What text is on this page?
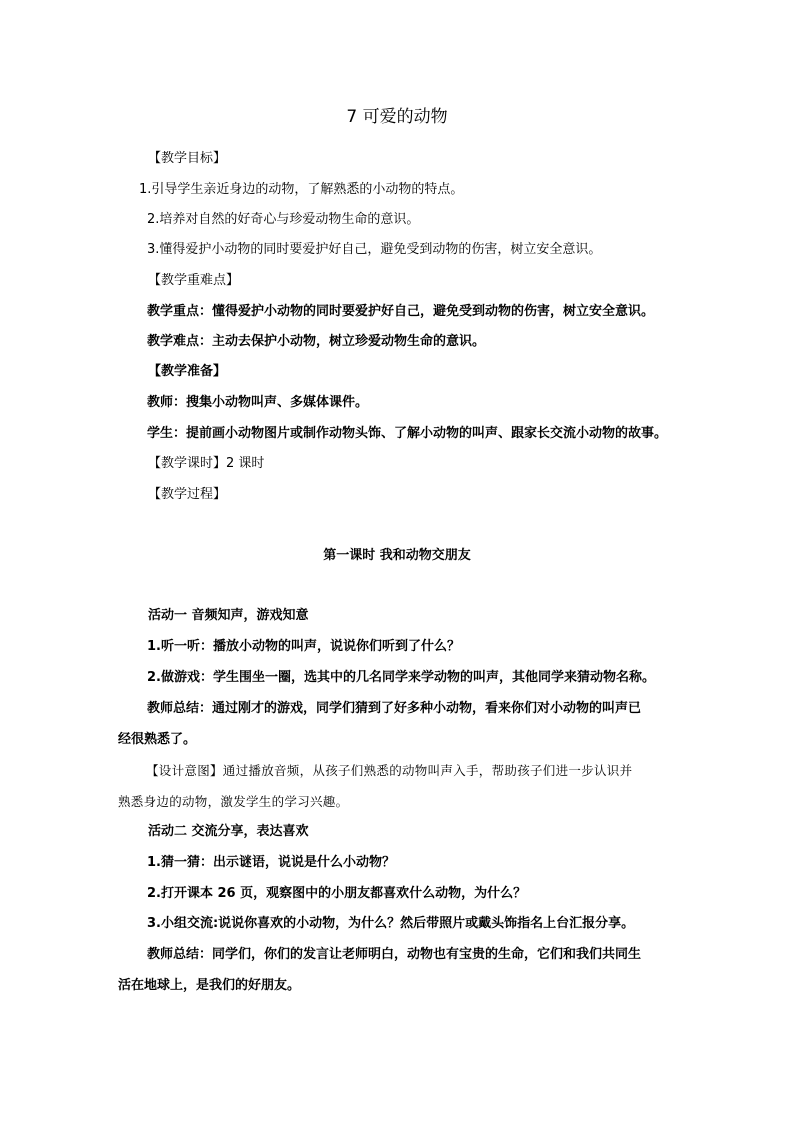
7 可爱的动物
【教学目标】
1.引导学生亲近身边的动物，了解熟悉的小动物的特点。
2.培养对自然的好奇心与珍爱动物生命的意识。
3.懂得爱护小动物的同时要爱护好自己，避免受到动物的伤害，树立安全意识。
【教学重难点】
教学重点：懂得爱护小动物的同时要爱护好自己，避免受到动物的伤害，树立安全意识。
教学难点：主动去保护小动物，树立珍爱动物生命的意识。
【教学准备】
教师：搜集小动物叫声、多媒体课件。
学生：提前画小动物图片或制作动物头饰、了解小动物的叫声、跟家长交流小动物的故事。
【教学课时】2 课时
【教学过程】
第一课时 我和动物交朋友
活动一 音频知声，游戏知意
1.听一听：播放小动物的叫声，说说你们听到了什么？
2.做游戏：学生围坐一圈，选其中的几名同学来学动物的叫声，其他同学来猜动物名称。
教师总结：通过刚才的游戏，同学们猜到了好多种小动物，看来你们对小动物的叫声已
经很熟悉了。
【设计意图】通过播放音频，从孩子们熟悉的动物叫声入手，帮助孩子们进一步认识并
熟悉身边的动物，激发学生的学习兴趣。
活动二 交流分享，表达喜欢
1.猜一猜：出示谜语，说说是什么小动物？
2.打开课本 26 页，观察图中的小朋友都喜欢什么动物，为什么？
3.小组交流:说说你喜欢的小动物，为什么？然后带照片或戴头饰指名上台汇报分享。
教师总结：同学们，你们的发言让老师明白，动物也有宝贵的生命，它们和我们共同生
活在地球上，是我们的好朋友。
